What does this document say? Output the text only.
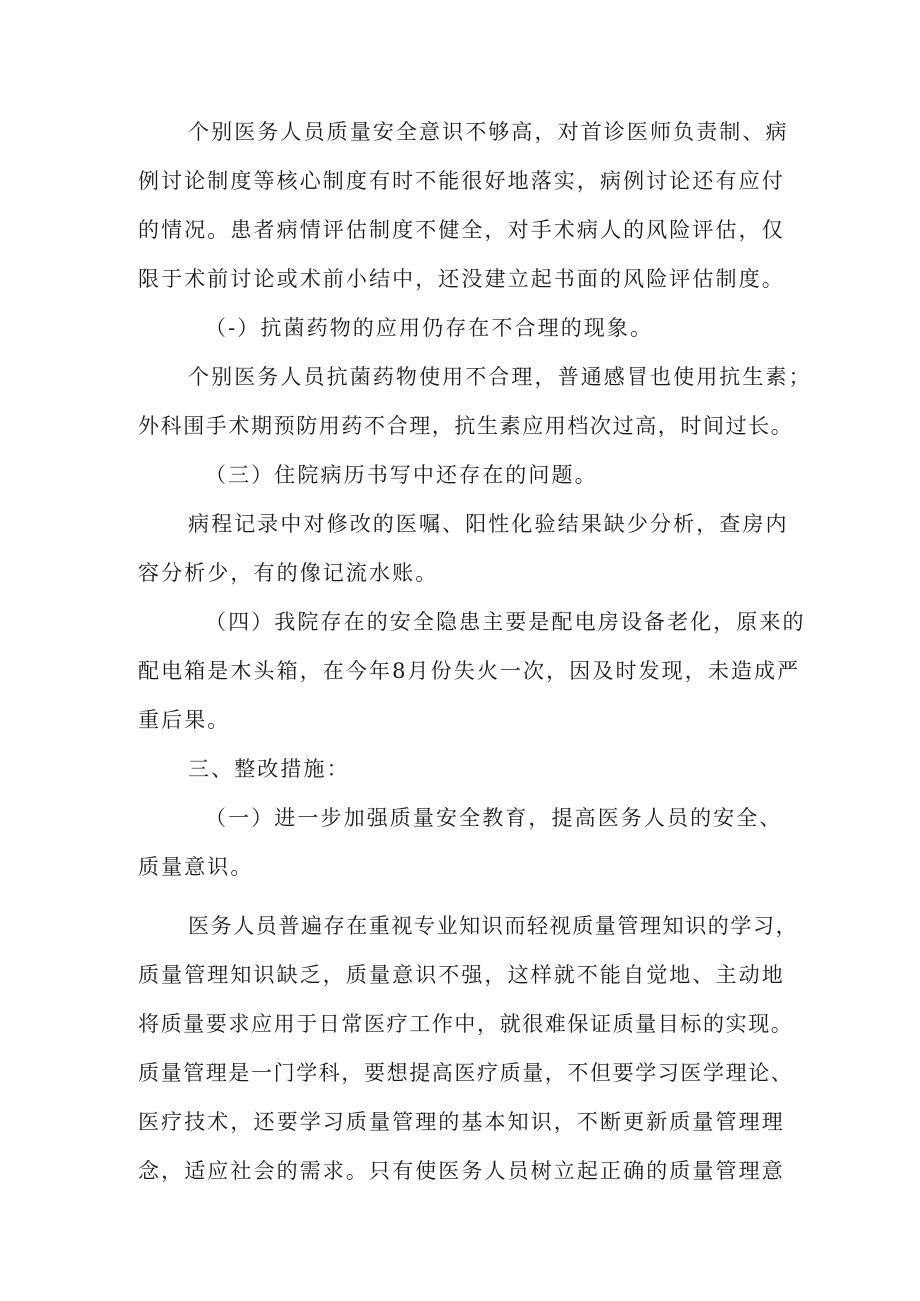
个别医务人员质量安全意识不够高，对首诊医师负责制、病

例讨论制度等核心制度有时不能很好地落实，病例讨论还有应付

的情况。患者病情评估制度不健全，对手术病人的风险评估，仅

限于术前讨论或术前小结中，还没建立起书面的风险评估制度。

（-）抗菌药物的应用仍存在不合理的现象。

个别医务人员抗菌药物使用不合理，普通感冒也使用抗生素；

外科围手术期预防用药不合理，抗生素应用档次过高，时间过长。

（三）住院病历书写中还存在的问题。

病程记录中对修改的医嘱、阳性化验结果缺少分析，查房内

容分析少，有的像记流水账。

（四）我院存在的安全隐患主要是配电房设备老化，原来的

配电箱是木头箱，在今年8月份失火一次，因及时发现，未造成严

重后果。

三、整改措施：

（一）进一步加强质量安全教育，提高医务人员的安全、

质量意识。

医务人员普遍存在重视专业知识而轻视质量管理知识的学习，

质量管理知识缺乏，质量意识不强，这样就不能自觉地、主动地

将质量要求应用于日常医疗工作中，就很难保证质量目标的实现。

质量管理是一门学科，要想提高医疗质量，不但要学习医学理论、

医疗技术，还要学习质量管理的基本知识，不断更新质量管理理

念，适应社会的需求。只有使医务人员树立起正确的质量管理意
